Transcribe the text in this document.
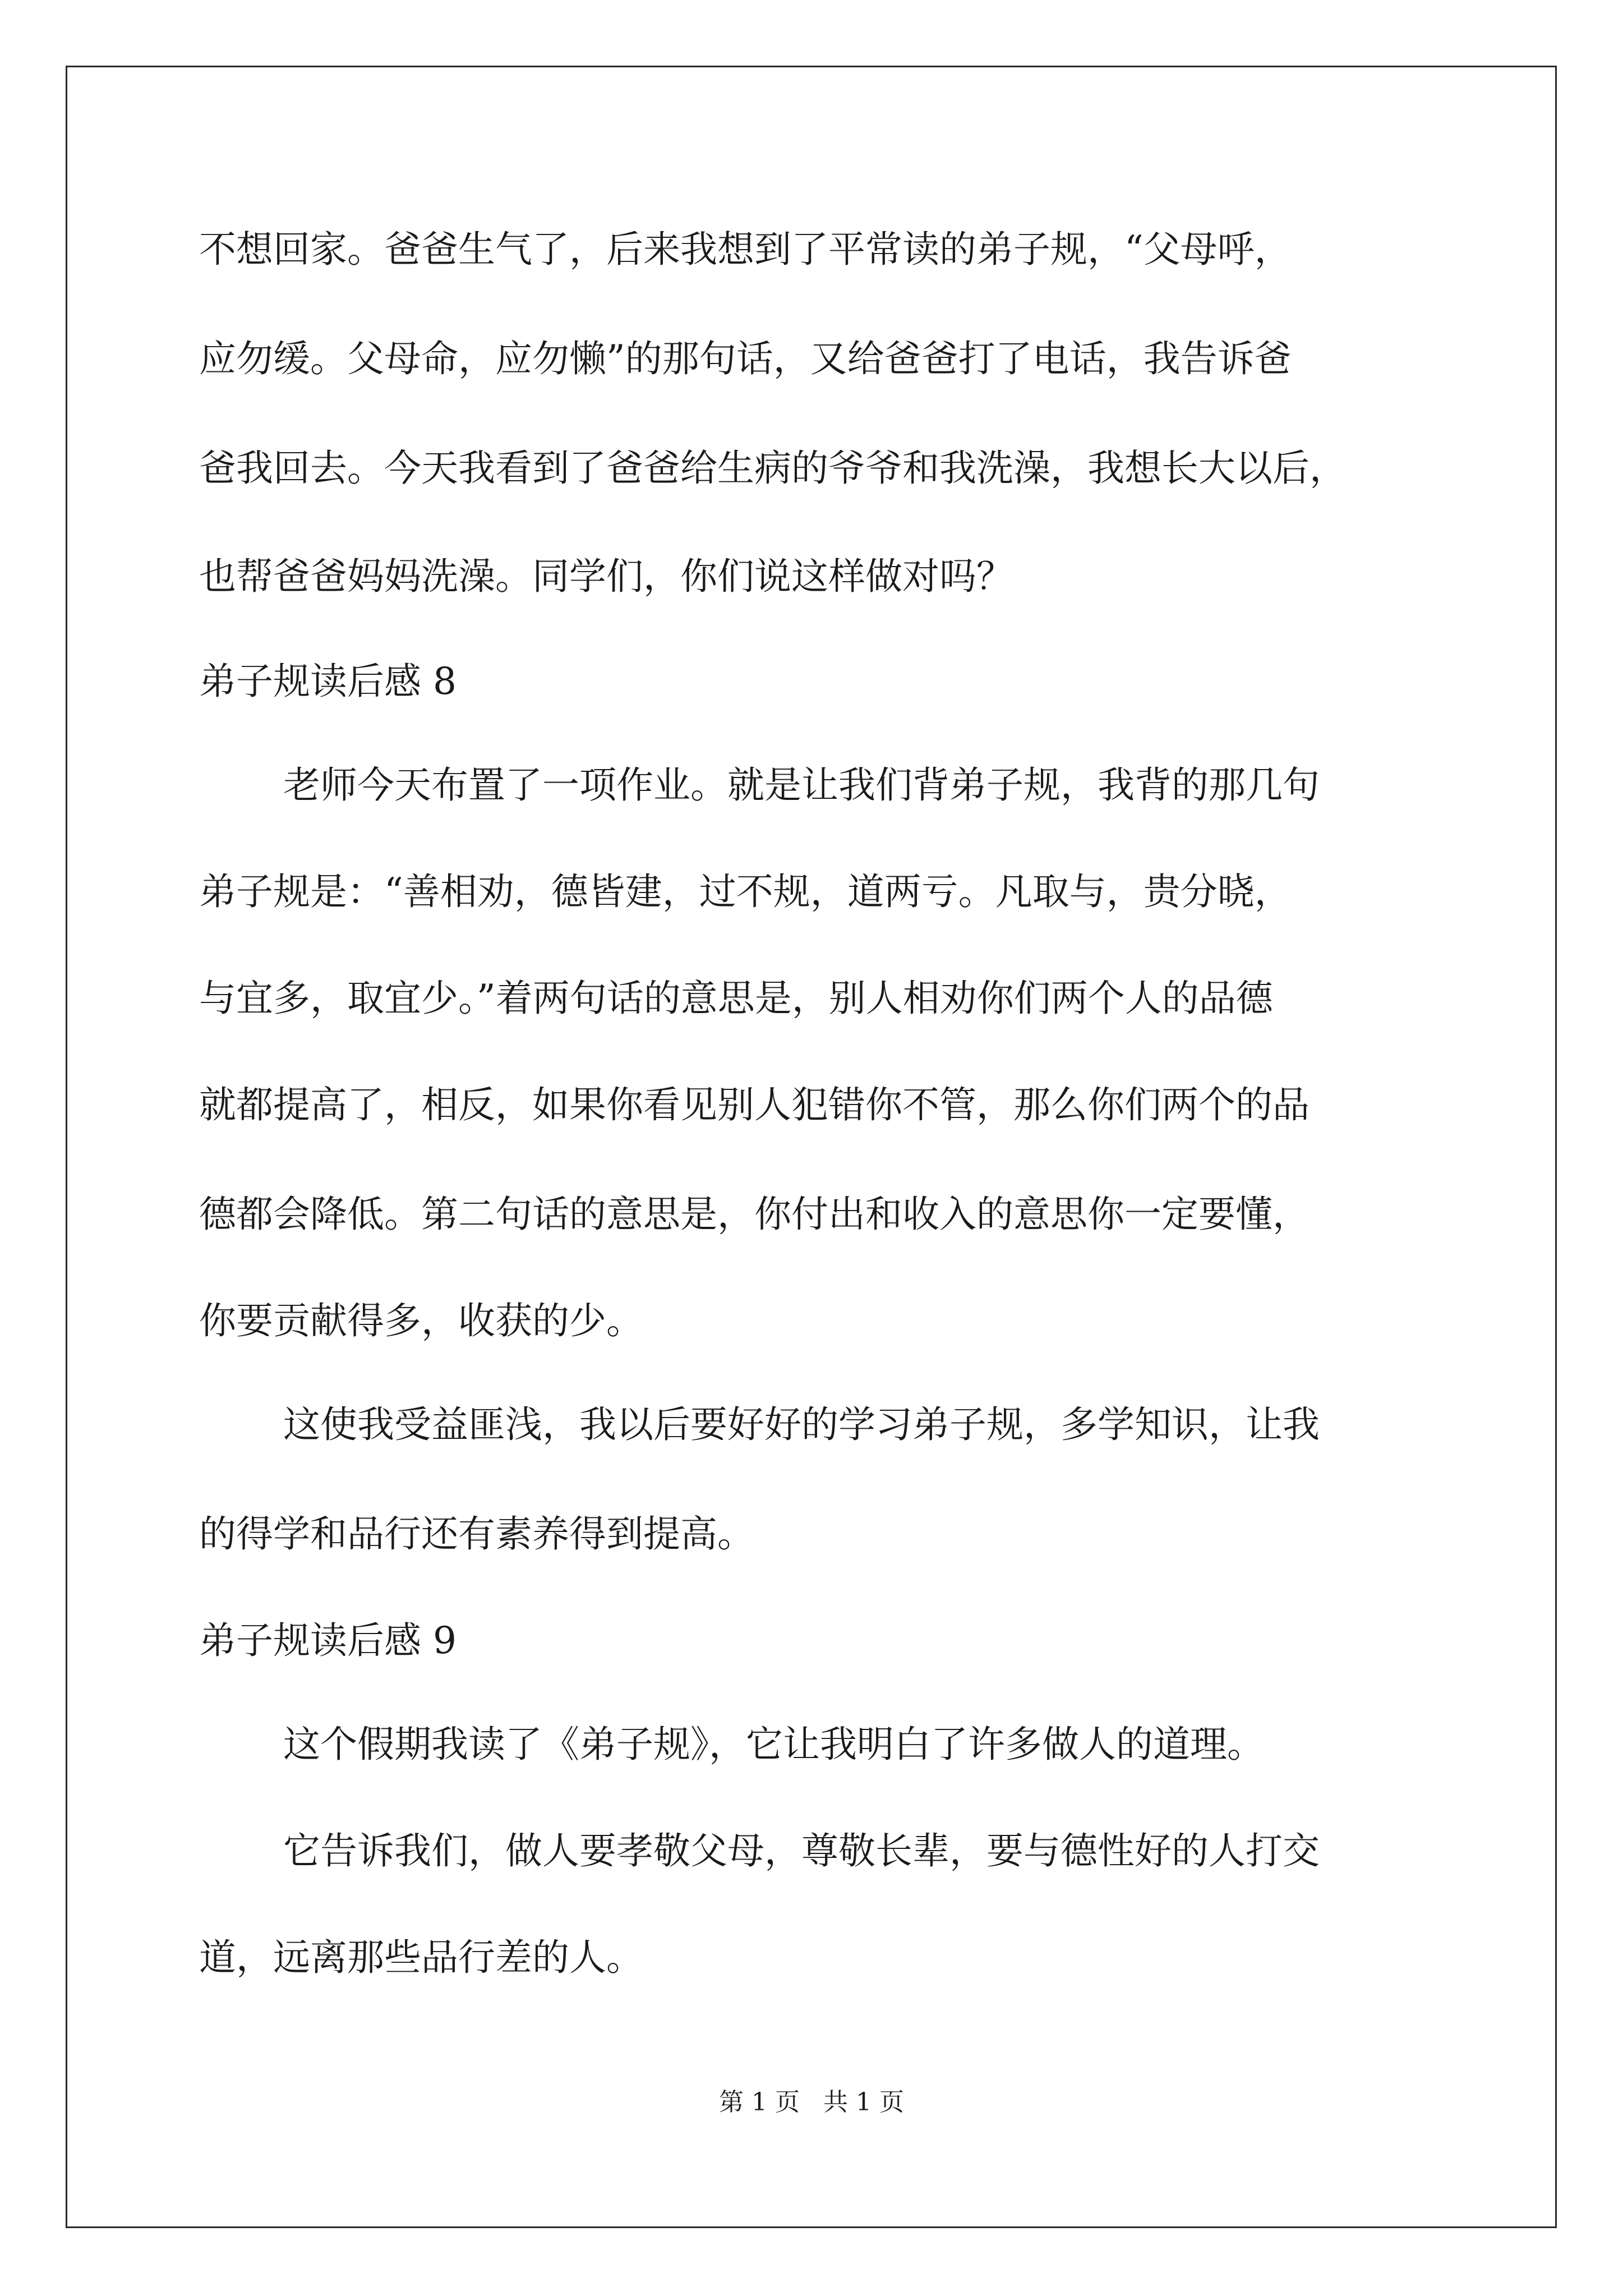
不想回家。爸爸生气了，后来我想到了平常读的弟子规，“父母呼，
应勿缓。父母命，应勿懒”的那句话，又给爸爸打了电话，我告诉爸
爸我回去。今天我看到了爸爸给生病的爷爷和我洗澡，我想长大以后，
也帮爸爸妈妈洗澡。同学们，你们说这样做对吗？
弟子规读后感 8
老师今天布置了一项作业。就是让我们背弟子规，我背的那几句
弟子规是：“善相劝，德皆建，过不规，道两亏。凡取与，贵分晓，
与宜多，取宜少。”着两句话的意思是，别人相劝你们两个人的品德
就都提高了，相反，如果你看见别人犯错你不管，那么你们两个的品
德都会降低。第二句话的意思是，你付出和收入的意思你一定要懂，
你要贡献得多，收获的少。
这使我受益匪浅，我以后要好好的学习弟子规，多学知识，让我
的得学和品行还有素养得到提高。
弟子规读后感 9
这个假期我读了《弟子规》，它让我明白了许多做人的道理。
它告诉我们，做人要孝敬父母，尊敬长辈，要与德性好的人打交
道，远离那些品行差的人。
第 1 页   共 1 页
